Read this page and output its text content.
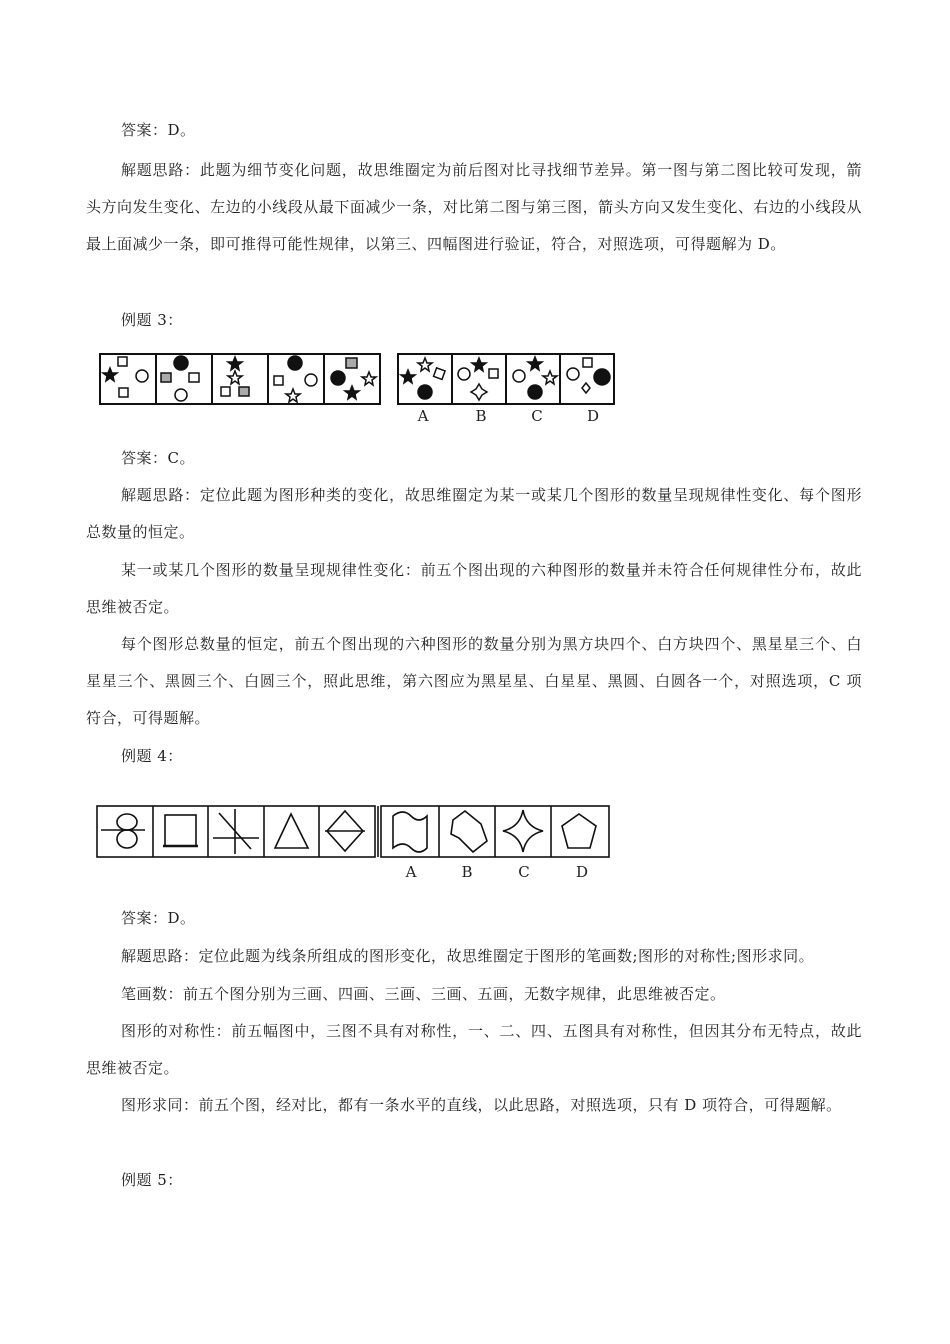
答案：D。

解题思路：此题为细节变化问题，故思维圈定为前后图对比寻找细节差异。第一图与第二图比较可发现，箭头方向发生变化、左边的小线段从最下面减少一条，对比第二图与第三图，箭头方向又发生变化、右边的小线段从最上面减少一条，即可推得可能性规律，以第三、四幅图进行验证，符合，对照选项，可得题解为 D。

例题 3：

A	B	C	D

答案：C。

解题思路：定位此题为图形种类的变化，故思维圈定为某一或某几个图形的数量呈现规律性变化、每个图形总数量的恒定。

某一或某几个图形的数量呈现规律性变化：前五个图出现的六种图形的数量并未符合任何规律性分布，故此思维被否定。

每个图形总数量的恒定，前五个图出现的六种图形的数量分别为黑方块四个、白方块四个、黑星星三个、白星星三个、黑圆三个、白圆三个，照此思维，第六图应为黑星星、白星星、黑圆、白圆各一个，对照选项，C 项符合，可得题解。

例题 4：

A	B	C	D

答案：D。

解题思路：定位此题为线条所组成的图形变化，故思维圈定于图形的笔画数;图形的对称性;图形求同。

笔画数：前五个图分别为三画、四画、三画、三画、五画，无数字规律，此思维被否定。

图形的对称性：前五幅图中，三图不具有对称性，一、二、四、五图具有对称性，但因其分布无特点，故此思维被否定。

图形求同：前五个图，经对比，都有一条水平的直线，以此思路，对照选项，只有 D 项符合，可得题解。

例题 5：
